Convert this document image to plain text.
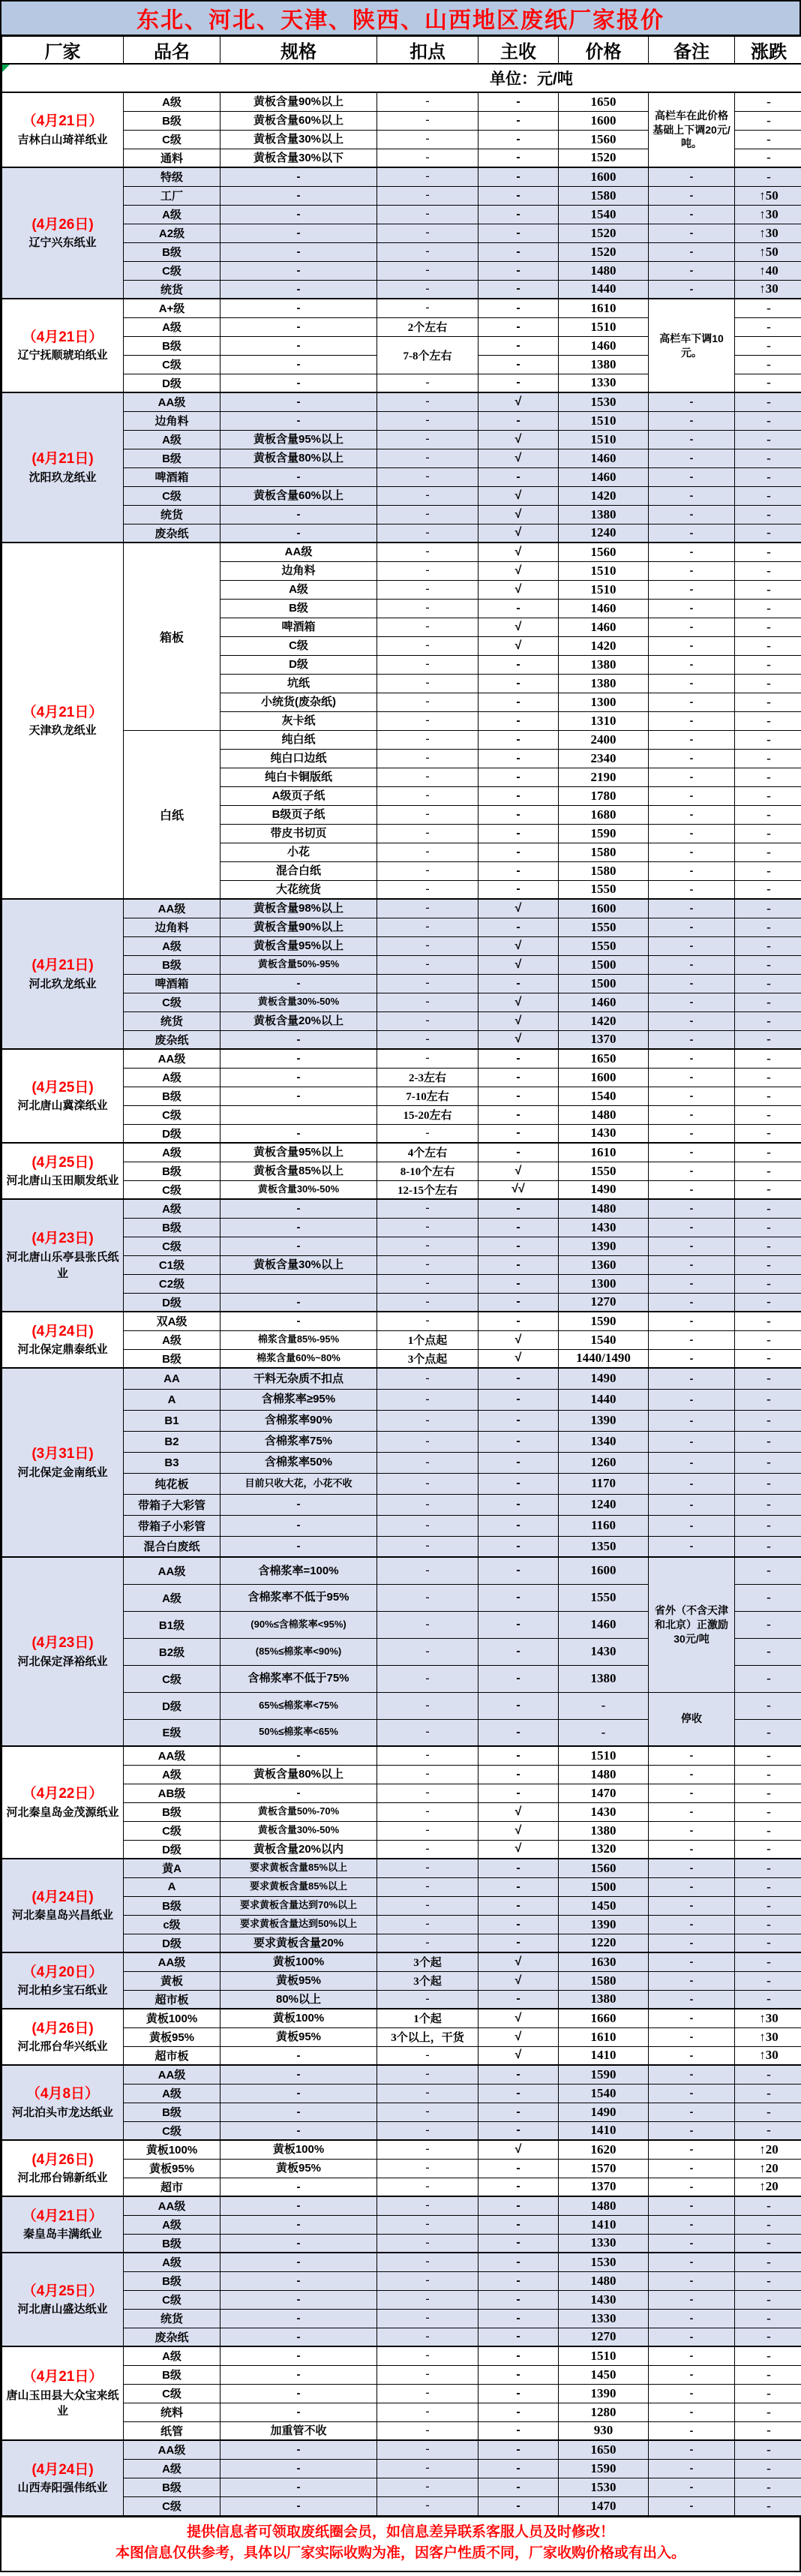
东北、河北、天津、陕西、山西地区废纸厂家报价
厂家	品名	规格	扣点	主收	价格	备注	涨跌

单位：元/吨							

（4月21日）
吉林白山琦祥纸业	A级	黄板含量90%以上	-	-	1650	高栏车在此价格基础上下调20元/吨。	-
	B级	黄板含量60%以上	-	-	1600		-
	C级	黄板含量30%以上	-	-	1560		-
	通料	黄板含量30%以下	-	-	1520		-

(4月26日)
辽宁兴东纸业	特级	-	-	-	1600	-	-
	工厂	-	-	-	1580	-	↑50
	A级	-	-	-	1540	-	↑30
	A2级	-	-	-	1520	-	↑30
	B级	-	-	-	1520	-	↑50
	C级	-	-	-	1480	-	↑40
	统货	-	-	-	1440	-	↑30

（4月21日）
辽宁抚顺琥珀纸业	A+级	-	-	-	1610	高栏车下调10元。	-
	A级	-	2个左右	-	1510		-
	B级	-	7-8个左右	-	1460		-
	C级	-		-	1380		-
	D级	-	-	-	1330		-

(4月21日)
沈阳玖龙纸业	AA级	-	-	√	1530	-	-
	边角料	-	-	-	1510	-	-
	A级	黄板含量95%以上	-	√	1510	-	-
	B级	黄板含量80%以上	-	√	1460	-	-
	啤酒箱	-	-	-	1460	-	-
	C级	黄板含量60%以上	-	√	1420	-	-
	统货	-	-	√	1380	-	-
	废杂纸	-	-	√	1240	-	-

（4月21日）
天津玖龙纸业	箱板	AA级	-	√	1560	-	-
		边角料	-	√	1510	-	-
		A级	-	√	1510	-	-
		B级	-	-	1460	-	-
		啤酒箱	-	√	1460	-	-
		C级	-	√	1420	-	-
		D级	-	-	1380	-	-
		坑纸	-	-	1380	-	-
		小统货(废杂纸)	-	-	1300	-	-
		灰卡纸	-	-	1310	-	-
	白纸	纯白纸	-	-	2400	-	-
		纯白口边纸	-	-	2340	-	-
		纯白卡铜版纸	-	-	2190	-	-
		A级页子纸	-	-	1780	-	-
		B级页子纸	-	-	1680	-	-
		带皮书切页	-	-	1590	-	-
		小花	-	-	1580	-	-
		混合白纸	-	-	1580	-	-
		大花统货	-	-	1550	-	-

(4月21日)
河北玖龙纸业	AA级	黄板含量98%以上	-	√	1600	-	-
	边角料	黄板含量90%以上	-	-	1550	-	-
	A级	黄板含量95%以上	-	√	1550	-	-
	B级	黄板含量50%-95%	-	√	1500	-	-
	啤酒箱	-	-	-	1500	-	-
	C级	黄板含量30%-50%	-	√	1460	-	-
	统货	黄板含量20%以上	-	√	1420	-	-
	废杂纸	-	-	√	1370	-	-

(4月25日)
河北唐山冀滦纸业	AA级	-	-	-	1650	-	-
	A级	-	2-3左右	-	1600	-	-
	B级	-	7-10左右	-	1540	-	-
	C级		15-20左右	-	1480	-	-
	D级	-	-	-	1430	-	-

(4月25日)
河北唐山玉田顺发纸业	A级	黄板含量95%以上	4个左右	-	1610	-	-
	B级	黄板含量85%以上	8-10个左右	√	1550	-	-
	C级	黄板含量30%-50%	12-15个左右	√√	1490	-	-

(4月23日)
河北唐山乐亭县张氏纸业	A级	-	-	-	1480	-	-
	B级	-	-	-	1430	-	-
	C级	-	-	-	1390	-	-
	C1级	黄板含量30%以上	-	-	1360	-	-
	C2级		-	-	1300	-	-
	D级	-	-	-	1270	-	-

(4月24日)
河北保定鼎泰纸业	双A级	-	-	-	1590	-	-
	A级	棉浆含量85%-95%	1个点起	√	1540	-	-
	B级	棉浆含量60%~80%	3个点起	√	1440/1490	-	-

(3月31日)
河北保定金南纸业	AA	干料无杂质不扣点	-	-	1490	-	-
	A	含棉浆率≥95%	-	-	1440	-	-
	B1	含棉浆率90%	-	-	1390	-	-
	B2	含棉浆率75%	-	-	1340	-	-
	B3	含棉浆率50%	-	-	1260	-	-
	纯花板	目前只收大花，小花不收	-	-	1170	-	-
	带箱子大彩管	-	-	-	1240	-	-
	带箱子小彩管	-	-	-	1160	-	-
	混合白废纸	-	-	-	1350	-	-

(4月23日)
河北保定泽裕纸业	AA级	含棉浆率=100%	-	-	1600	省外（不含天津和北京）正激励30元/吨	-
	A级	含棉浆率不低于95%	-	-	1550		-
	B1级	(90%≤含棉浆率<95%)	-	-	1460		-
	B2级	(85%≤棉浆率<90%)	-	-	1430		-
	C级	含棉浆率不低于75%	-	-	1380		-
	D级	65%≤棉浆率<75%	-	-	-	停收	-
	E级	50%≤棉浆率<65%	-	-	-		-

（4月22日）
河北秦皇岛金茂源纸业	AA级	-	-	-	1510	-	-
	A级	黄板含量80%以上	-	-	1480	-	-
	AB级	-	-	-	1470	-	-
	B级	黄板含量50%-70%	-	√	1430	-	-
	C级	黄板含量30%-50%	-	√	1380	-	-
	D级	黄板含量20%以内	-	√	1320	-	-

(4月24日)
河北秦皇岛兴昌纸业	黄A	要求黄板含量85%以上	-	-	1560	-	-
	A	要求黄板含量85%以上	-	-	1500	-	-
	B级	要求黄板含量达到70%以上	-	-	1450	-	-
	c级	要求黄板含量达到50%以上	-	-	1390	-	-
	D级	要求黄板含量20%	-	-	1220	-	-

（4月20日）
河北柏乡宝石纸业	AA级	黄板100%	3个起	√	1630	-	-
	黄板	黄板95%	3个起	√	1580	-	-
	超市板	80%以上	-	-	1380	-	-

(4月26日)
河北邢台华兴纸业	黄板100%	黄板100%	1个起	√	1660	-	↑30
	黄板95%	黄板95%	3个以上，干货	√	1610	-	↑30
	超市板	-	-	√	1410	-	↑30

（4月8日）
河北泊头市龙达纸业	AA级	-	-	-	1590	-	-
	A级	-	-	-	1540	-	-
	B级	-	-	-	1490	-	-
	C级	-	-	-	1410	-	-

(4月26日)
河北邢台锦新纸业	黄板100%	黄板100%	-	√	1620	-	↑20
	黄板95%	黄板95%	-	-	1570	-	↑20
	超市	-	-	-	1370	-	↑20

（4月21日）
秦皇岛丰满纸业	AA级	-	-	-	1480	-	-
	A级	-	-	-	1410	-	-
	B级	-	-	-	1330	-	-

（4月25日）
河北唐山盛达纸业	A级	-	-	-	1530	-	-
	B级	-	-	-	1480	-	-
	C级	-	-	-	1430	-	-
	统货	-	-	-	1330	-	-
	废杂纸	-	-	-	1270	-	-

（4月21日）
唐山玉田县大众宝来纸业	A级	-	-	-	1510	-	-
	B级	-	-	-	1450	-	-
	C级	-	-	-	1390	-	-
	统料	-	-	-	1280	-	-
	纸管	加重管不收	-	-	930	-	-

(4月24日)
山西寿阳强伟纸业	AA级	-	-	-	1650	-	-
	A级	-	-	-	1590	-	-
	B级	-	-	-	1530	-	-
	C级	-	-	-	1470	-	-
提供信息者可领取废纸圈会员，如信息差异联系客服人员及时修改！
本图信息仅供参考，具体以厂家实际收购为准，因客户性质不同，厂家收购价格或有出入。
